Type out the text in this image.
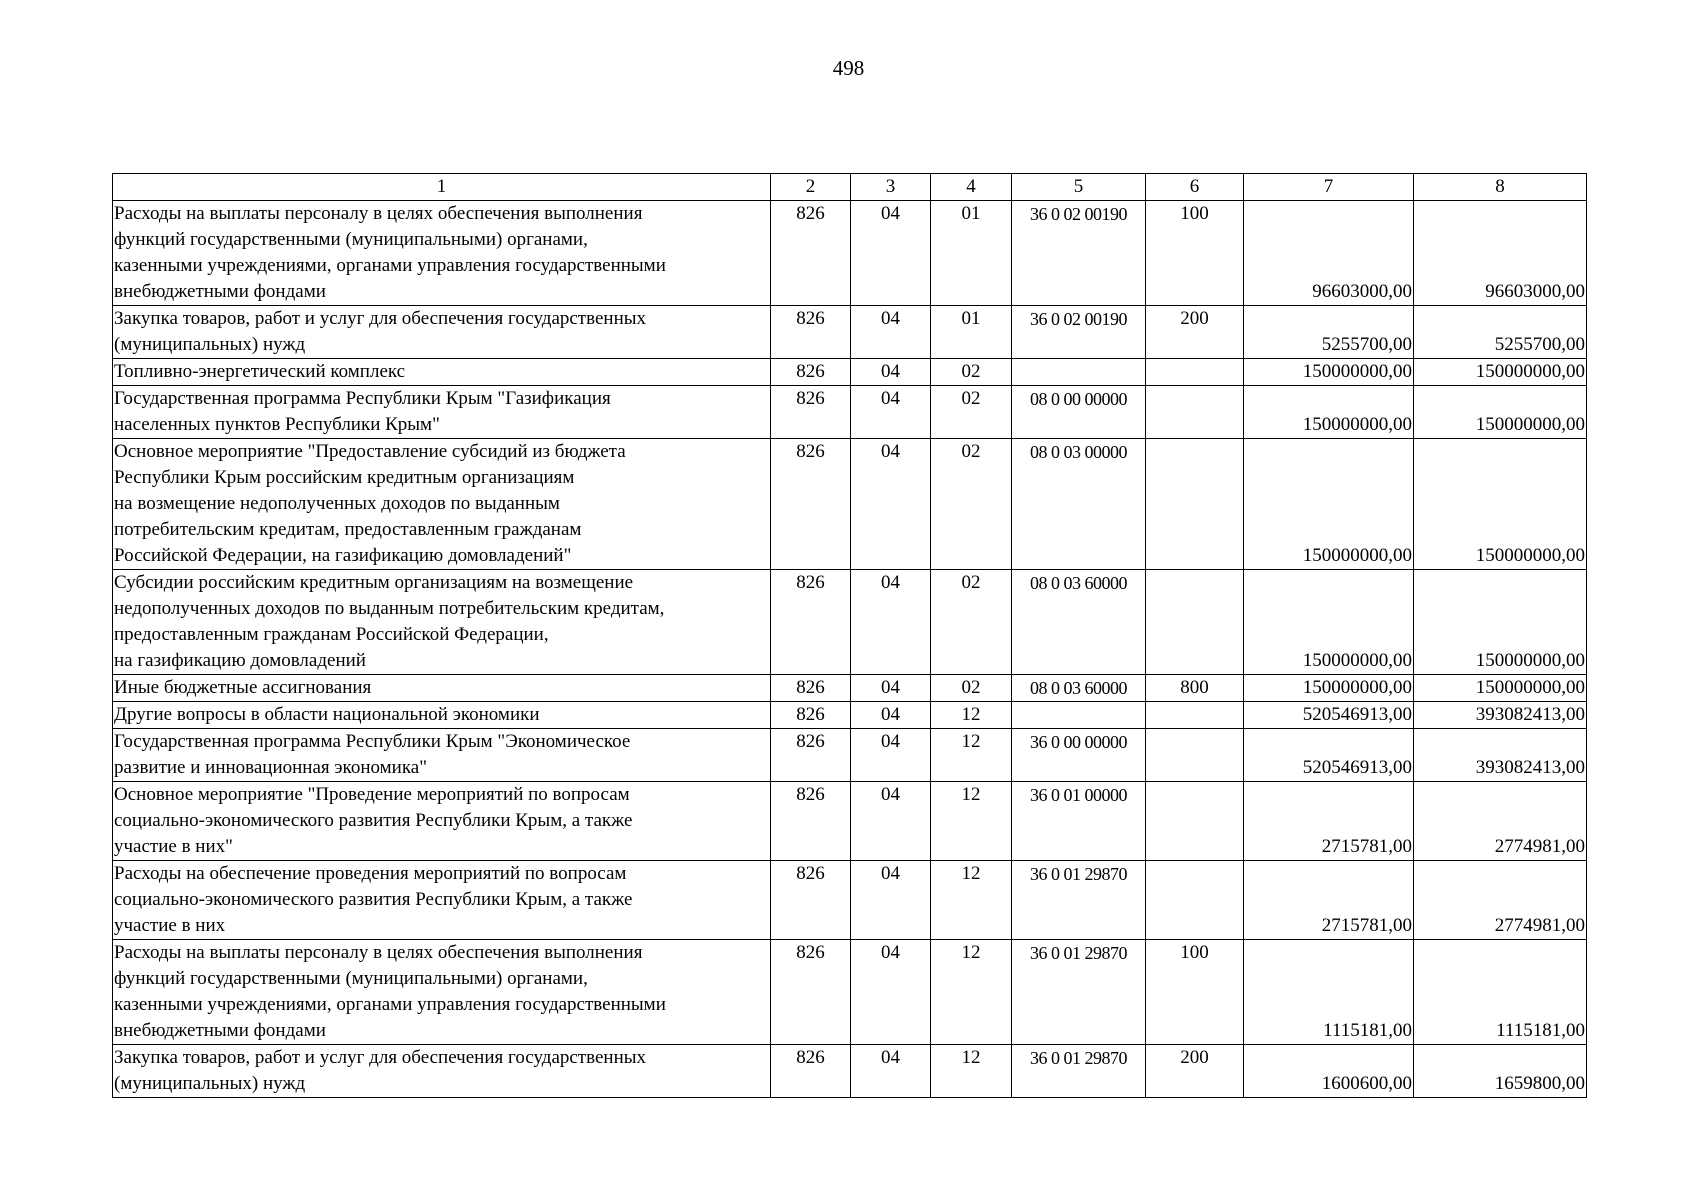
498
1	2	3	4	5	6	7	8
Расходы на выплаты персоналу в целях обеспечения выполнения
функций государственными (муниципальными) органами,
казенными учреждениями, органами управления государственными
внебюджетными фондами	826	04	01	36 0 02 00190	100	96603000,00	96603000,00
Закупка товаров, работ и услуг для обеспечения государственных
(муниципальных) нужд	826	04	01	36 0 02 00190	200	5255700,00	5255700,00
Топливно-энергетический комплекс	826	04	02			150000000,00	150000000,00
Государственная программа Республики Крым "Газификация
населенных пунктов Республики Крым"	826	04	02	08 0 00 00000		150000000,00	150000000,00
Основное мероприятие "Предоставление субсидий из бюджета
Республики Крым российским кредитным организациям
на возмещение недополученных доходов по выданным
потребительским кредитам, предоставленным гражданам
Российской Федерации, на газификацию домовладений"	826	04	02	08 0 03 00000		150000000,00	150000000,00
Субсидии российским кредитным организациям на возмещение
недополученных доходов по выданным потребительским кредитам,
предоставленным гражданам Российской Федерации,
на газификацию домовладений	826	04	02	08 0 03 60000		150000000,00	150000000,00
Иные бюджетные ассигнования	826	04	02	08 0 03 60000	800	150000000,00	150000000,00
Другие вопросы в области национальной экономики	826	04	12			520546913,00	393082413,00
Государственная программа Республики Крым "Экономическое
развитие и инновационная экономика"	826	04	12	36 0 00 00000		520546913,00	393082413,00
Основное мероприятие "Проведение мероприятий по вопросам
социально-экономического развития Республики Крым, а также
участие в них"	826	04	12	36 0 01 00000		2715781,00	2774981,00
Расходы на обеспечение проведения мероприятий по вопросам
социально-экономического развития Республики Крым, а также
участие в них	826	04	12	36 0 01 29870		2715781,00	2774981,00
Расходы на выплаты персоналу в целях обеспечения выполнения
функций государственными (муниципальными) органами,
казенными учреждениями, органами управления государственными
внебюджетными фондами	826	04	12	36 0 01 29870	100	1115181,00	1115181,00
Закупка товаров, работ и услуг для обеспечения государственных
(муниципальных) нужд	826	04	12	36 0 01 29870	200	1600600,00	1659800,00
